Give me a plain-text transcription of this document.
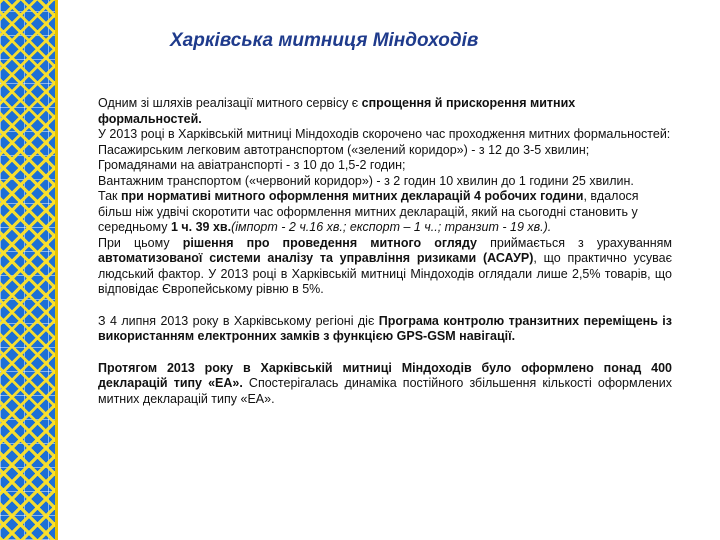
Харківська митниця Міндоходів

Одним зі шляхів реалізації митного сервісу є спрощення й прискорення митних формальностей.

У 2013 році в Харківській митниці Міндоходів скорочено час проходження митних формальностей:

Пасажирським легковим автотранспортом («зелений коридор») - з 12 до 3-5 хвилин;

Громадянами на авіатранспорті - з 10 до 1,5-2 годин;

Вантажним транспортом («червоний коридор») - з 2 годин 10 хвилин до 1 години 25 хвилин.

Так при нормативі митного оформлення митних декларацій 4 робочих години, вдалося більш ніж удвічі скоротити час оформлення митних декларацій, який на сьогодні становить у середньому 1 ч. 39 хв.(імпорт - 2 ч.16 хв.; експорт – 1 ч..; транзит - 19 хв.).

При цьому рішення про проведення митного огляду приймається з урахуванням автоматизованої системи аналізу та управління ризиками (АСАУР), що практично усуває людський фактор. У 2013 році в Харківській митниці Міндоходів оглядали лише 2,5% товарів, що відповідає Європейському рівню в 5%.

З 4 липня 2013 року в Харківському регіоні діє Програма контролю транзитних переміщень із використанням електронних замків з функцією GPS-GSM навігації.

Протягом 2013 року в Харківській митниці Міндоходів було оформлено понад 400 декларацій типу «ЕА». Спостерігалась динаміка постійного збільшення кількості оформлених митних декларацій типу «ЕА».
